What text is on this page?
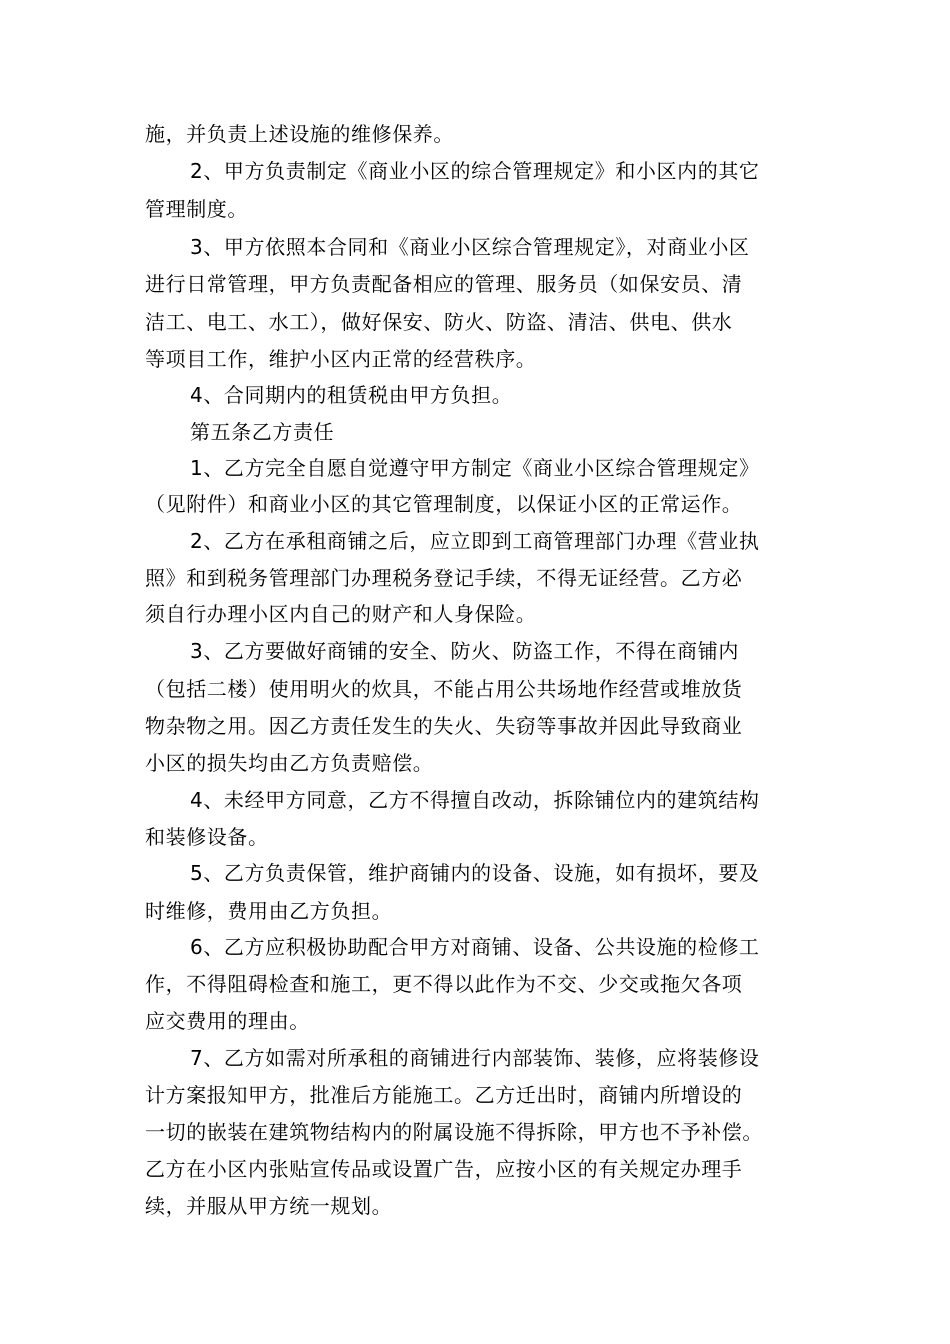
施，并负责上述设施的维修保养。
2、甲方负责制定《商业小区的综合管理规定》和小区内的其它
管理制度。
3、甲方依照本合同和《商业小区综合管理规定》，对商业小区
进行日常管理，甲方负责配备相应的管理、服务员（如保安员、清
洁工、电工、水工），做好保安、防火、防盗、清洁、供电、供水
等项目工作，维护小区内正常的经营秩序。
4、合同期内的租赁税由甲方负担。
第五条乙方责任
1、乙方完全自愿自觉遵守甲方制定《商业小区综合管理规定》
（见附件）和商业小区的其它管理制度，以保证小区的正常运作。
2、乙方在承租商铺之后，应立即到工商管理部门办理《营业执
照》和到税务管理部门办理税务登记手续，不得无证经营。乙方必
须自行办理小区内自己的财产和人身保险。
3、乙方要做好商铺的安全、防火、防盗工作，不得在商铺内
（包括二楼）使用明火的炊具，不能占用公共场地作经营或堆放货
物杂物之用。因乙方责任发生的失火、失窃等事故并因此导致商业
小区的损失均由乙方负责赔偿。
4、未经甲方同意，乙方不得擅自改动，拆除铺位内的建筑结构
和装修设备。
5、乙方负责保管，维护商铺内的设备、设施，如有损坏，要及
时维修，费用由乙方负担。
6、乙方应积极协助配合甲方对商铺、设备、公共设施的检修工
作，不得阻碍检查和施工，更不得以此作为不交、少交或拖欠各项
应交费用的理由。
7、乙方如需对所承租的商铺进行内部装饰、装修，应将装修设
计方案报知甲方，批准后方能施工。乙方迁出时，商铺内所增设的
一切的嵌装在建筑物结构内的附属设施不得拆除，甲方也不予补偿。
乙方在小区内张贴宣传品或设置广告，应按小区的有关规定办理手
续，并服从甲方统一规划。
